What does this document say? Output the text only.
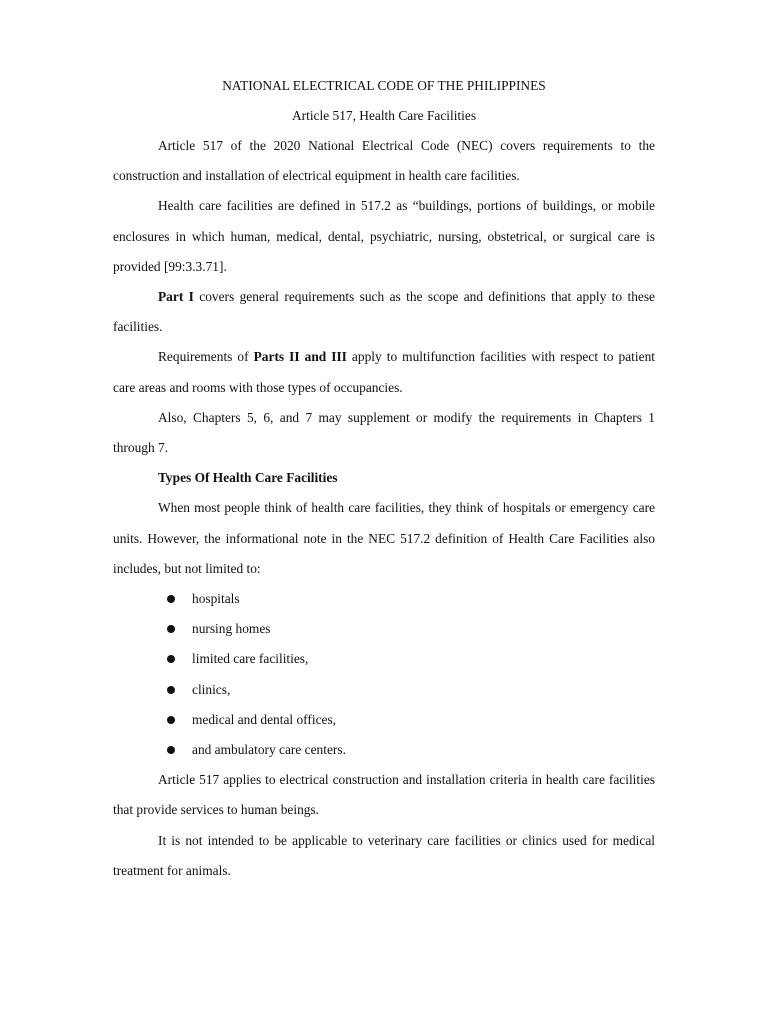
NATIONAL ELECTRICAL CODE OF THE PHILIPPINES
Article 517, Health Care Facilities

Article 517 of the 2020 National Electrical Code (NEC) covers requirements to the construction and installation of electrical equipment in health care facilities.

Health care facilities are defined in 517.2 as “buildings, portions of buildings, or mobile enclosures in which human, medical, dental, psychiatric, nursing, obstetrical, or surgical care is provided [99:3.3.71].

Part I covers general requirements such as the scope and definitions that apply to these facilities.

Requirements of Parts II and III apply to multifunction facilities with respect to patient care areas and rooms with those types of occupancies.

Also, Chapters 5, 6, and 7 may supplement or modify the requirements in Chapters 1 through 7.

Types Of Health Care Facilities

When most people think of health care facilities, they think of hospitals or emergency care units. However, the informational note in the NEC 517.2 definition of Health Care Facilities also includes, but not limited to:

hospitals
nursing homes
limited care facilities,
clinics,
medical and dental offices,
and ambulatory care centers.

Article 517 applies to electrical construction and installation criteria in health care facilities that provide services to human beings.

It is not intended to be applicable to veterinary care facilities or clinics used for medical treatment for animals.
